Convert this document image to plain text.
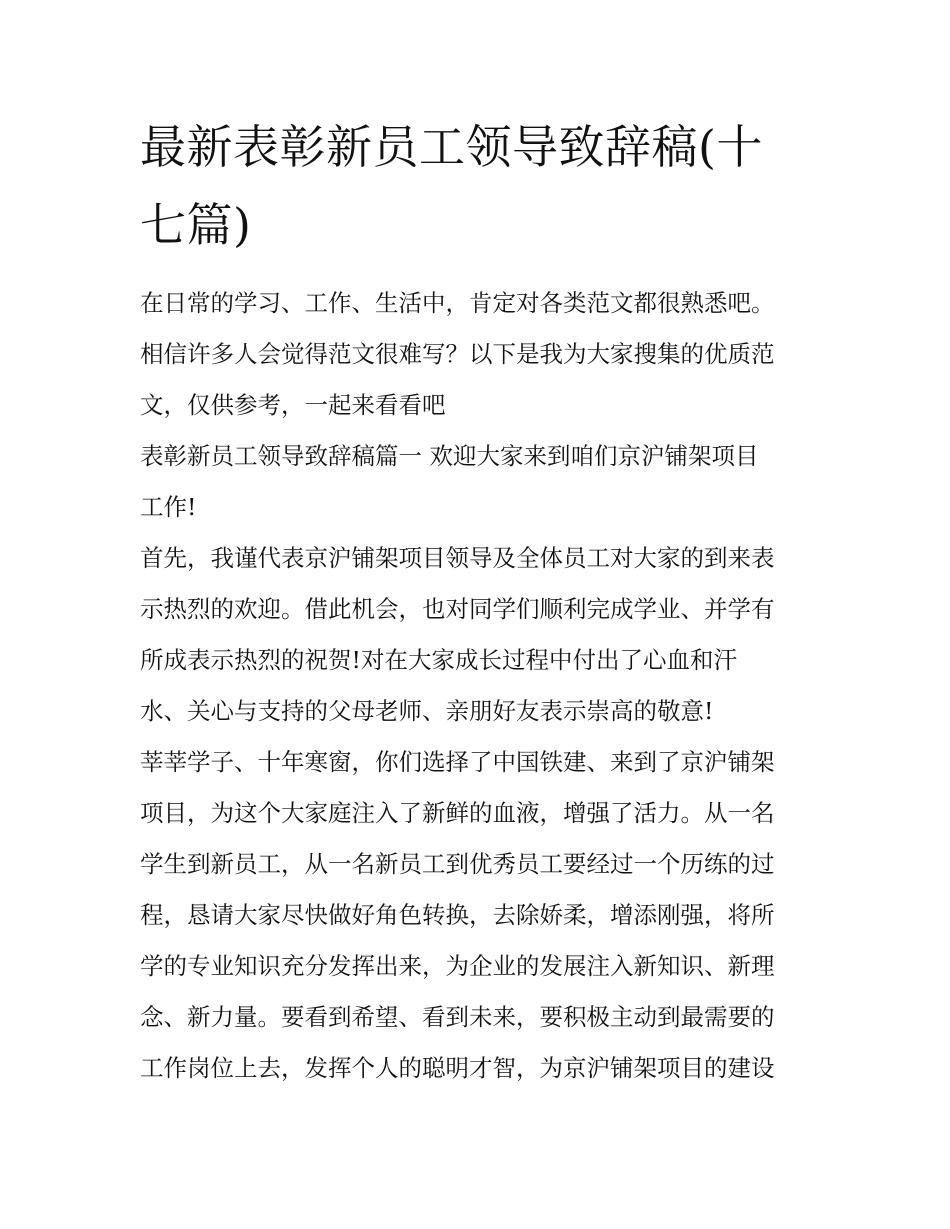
最新表彰新员工领导致辞稿(十
七篇)
在日常的学习、工作、生活中，肯定对各类范文都很熟悉吧。
相信许多人会觉得范文很难写？以下是我为大家搜集的优质范
文，仅供参考，一起来看看吧
表彰新员工领导致辞稿篇一 欢迎大家来到咱们京沪铺架项目
工作!
首先，我谨代表京沪铺架项目领导及全体员工对大家的到来表
示热烈的欢迎。借此机会，也对同学们顺利完成学业、并学有
所成表示热烈的祝贺!对在大家成长过程中付出了心血和汗
水、关心与支持的父母老师、亲朋好友表示崇高的敬意!
莘莘学子、十年寒窗，你们选择了中国铁建、来到了京沪铺架
项目，为这个大家庭注入了新鲜的血液，增强了活力。从一名
学生到新员工，从一名新员工到优秀员工要经过一个历练的过
程，恳请大家尽快做好角色转换，去除娇柔，增添刚强，将所
学的专业知识充分发挥出来，为企业的发展注入新知识、新理
念、新力量。要看到希望、看到未来，要积极主动到最需要的
工作岗位上去，发挥个人的聪明才智，为京沪铺架项目的建设
